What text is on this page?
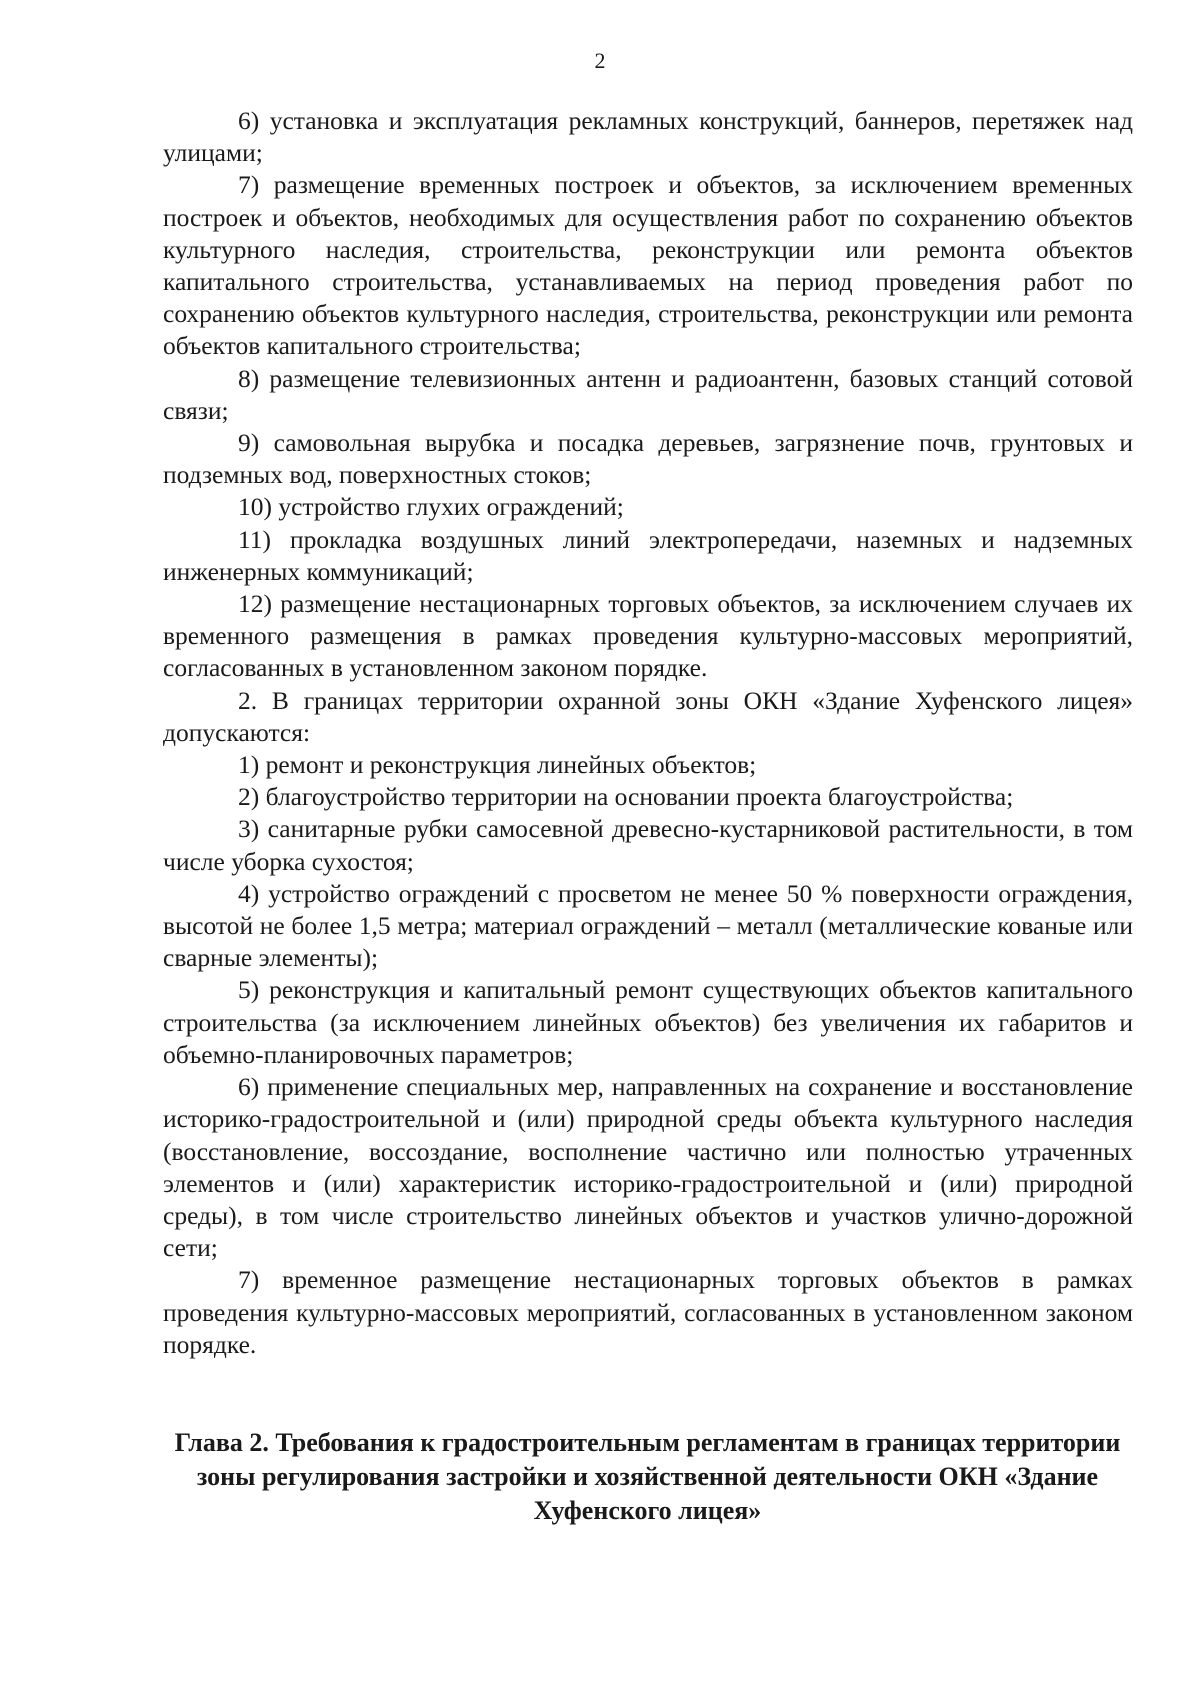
2

6) установка и эксплуатация рекламных конструкций, баннеров, перетяжек над улицами;

7) размещение временных построек и объектов, за исключением временных построек и объектов, необходимых для осуществления работ по сохранению объектов культурного наследия, строительства, реконструкции или ремонта объектов капитального строительства, устанавливаемых на период проведения работ по сохранению объектов культурного наследия, строительства, реконструкции или ремонта объектов капитального строительства;

8) размещение телевизионных антенн и радиоантенн, базовых станций сотовой связи;

9) самовольная вырубка и посадка деревьев, загрязнение почв, грунтовых и подземных вод, поверхностных стоков;

10) устройство глухих ограждений;

11) прокладка воздушных линий электропередачи, наземных и надземных инженерных коммуникаций;

12) размещение нестационарных торговых объектов, за исключением случаев их временного размещения в рамках проведения культурно-массовых мероприятий, согласованных в установленном законом порядке.

2. В границах территории охранной зоны ОКН «Здание Хуфенского лицея» допускаются:

1) ремонт и реконструкция линейных объектов;

2) благоустройство территории на основании проекта благоустройства;

3) санитарные рубки самосевной древесно-кустарниковой растительности, в том числе уборка сухостоя;

4) устройство ограждений с просветом не менее 50 % поверхности ограждения, высотой не более 1,5 метра; материал ограждений – металл (металлические кованые или сварные элементы);

5) реконструкция и капитальный ремонт существующих объектов капитального строительства (за исключением линейных объектов) без увеличения их габаритов и объемно-планировочных параметров;

6) применение специальных мер, направленных на сохранение и восстановление историко-градостроительной и (или) природной среды объекта культурного наследия (восстановление, воссоздание, восполнение частично или полностью утраченных элементов и (или) характеристик историко-градостроительной и (или) природной среды), в том числе строительство линейных объектов и участков улично-дорожной сети;

7) временное размещение нестационарных торговых объектов в рамках проведения культурно-массовых мероприятий, согласованных в установленном законом порядке.

Глава 2. Требования к градостроительным регламентам в границах территории зоны регулирования застройки и хозяйственной деятельности ОКН «Здание Хуфенского лицея»
